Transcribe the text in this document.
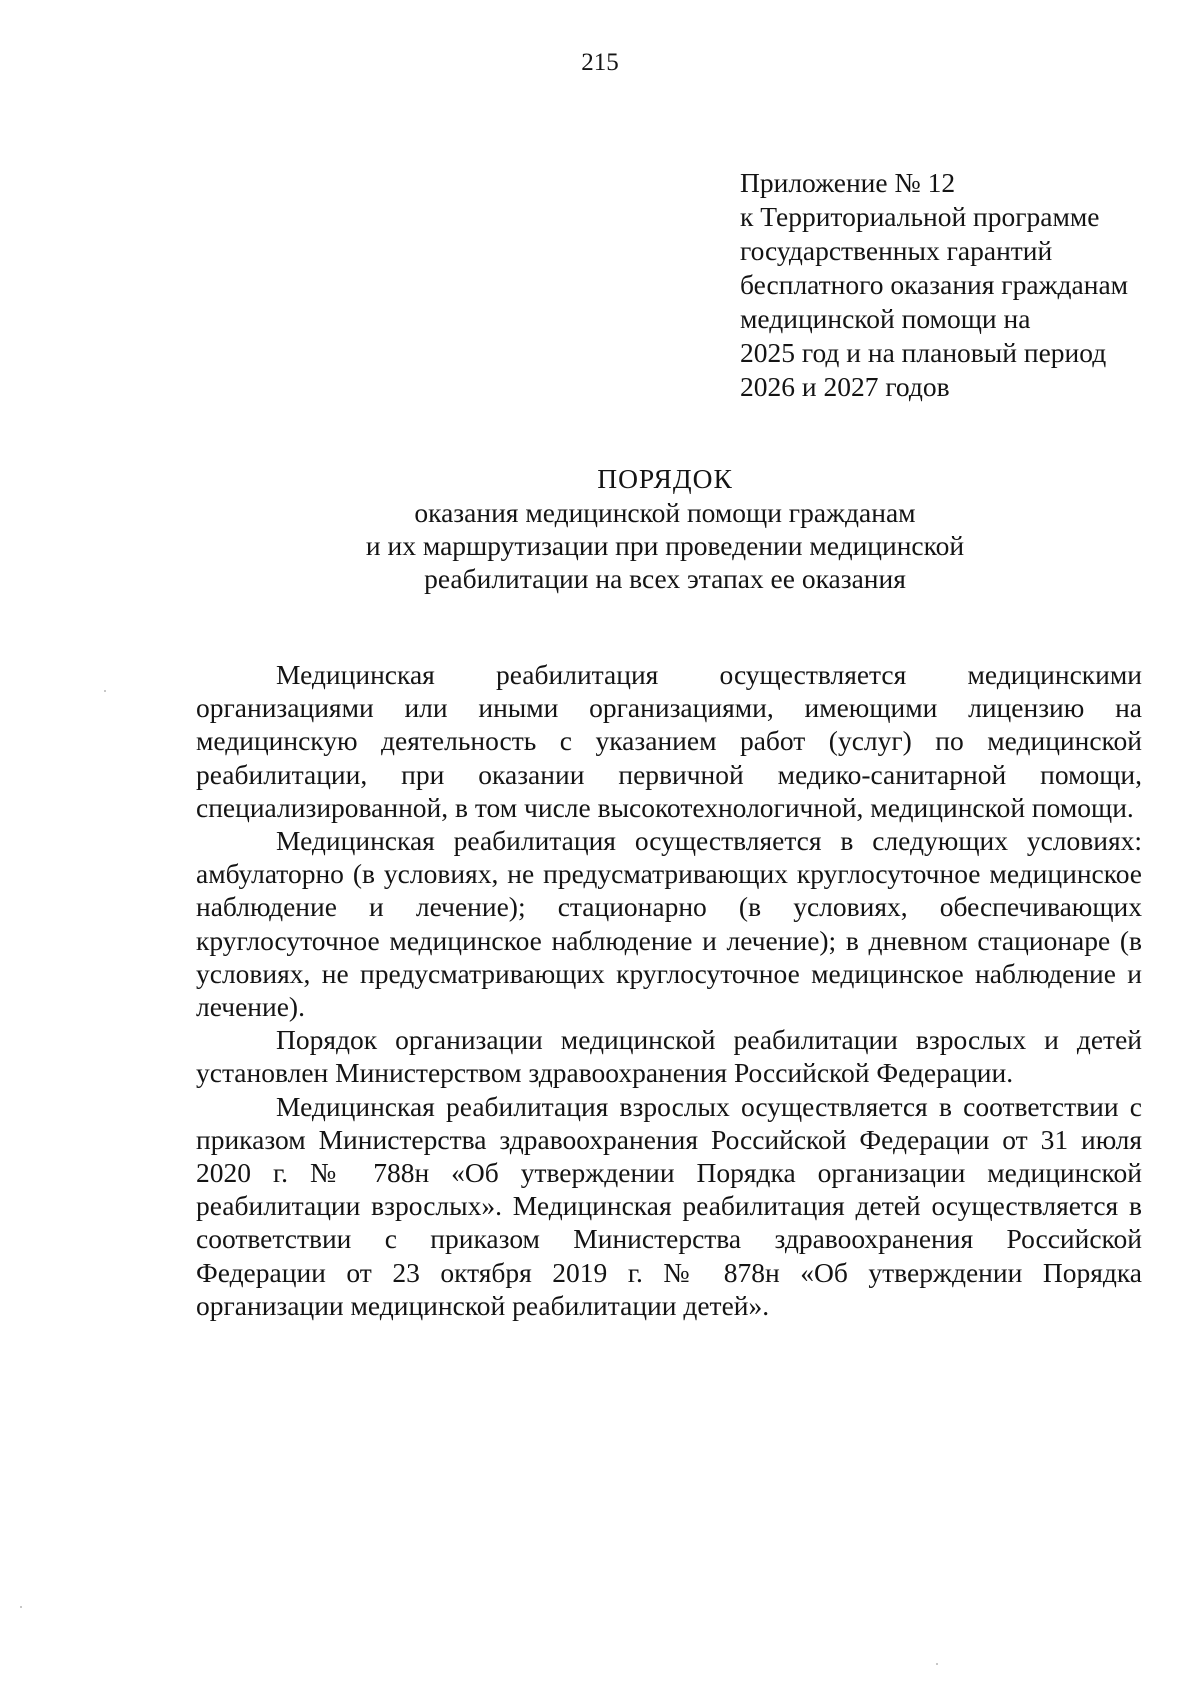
215
Приложение № 12
к Территориальной программе
государственных гарантий
бесплатного оказания гражданам
медицинской помощи на
2025 год и на плановый период
2026 и 2027 годов
ПОРЯДОК
оказания медицинской помощи гражданам
и их маршрутизации при проведении медицинской
реабилитации на всех этапах ее оказания

Медицинская реабилитация осуществляется медицинскими организациями или иными организациями, имеющими лицензию на медицинскую деятельность с указанием работ (услуг) по медицинской реабилитации, при оказании первичной медико-санитарной помощи, специализированной, в том числе высокотехнологичной, медицинской помощи.

Медицинская реабилитация осуществляется в следующих условиях: амбулаторно (в условиях, не предусматривающих круглосуточное медицинское наблюдение и лечение); стационарно (в условиях, обеспечивающих круглосуточное медицинское наблюдение и лечение); в дневном стационаре (в условиях, не предусматривающих круглосуточное медицинское наблюдение и лечение).

Порядок организации медицинской реабилитации взрослых и детей установлен Министерством здравоохранения Российской Федерации.

Медицинская реабилитация взрослых осуществляется в соответствии с приказом Министерства здравоохранения Российской Федерации от 31 июля 2020 г. № 788н «Об утверждении Порядка организации медицинской реабилитации взрослых». Медицинская реабилитация детей осуществляется в соответствии с приказом Министерства здравоохранения Российской Федерации от 23 октября 2019 г. № 878н «Об утверждении Порядка организации медицинской реабилитации детей».
